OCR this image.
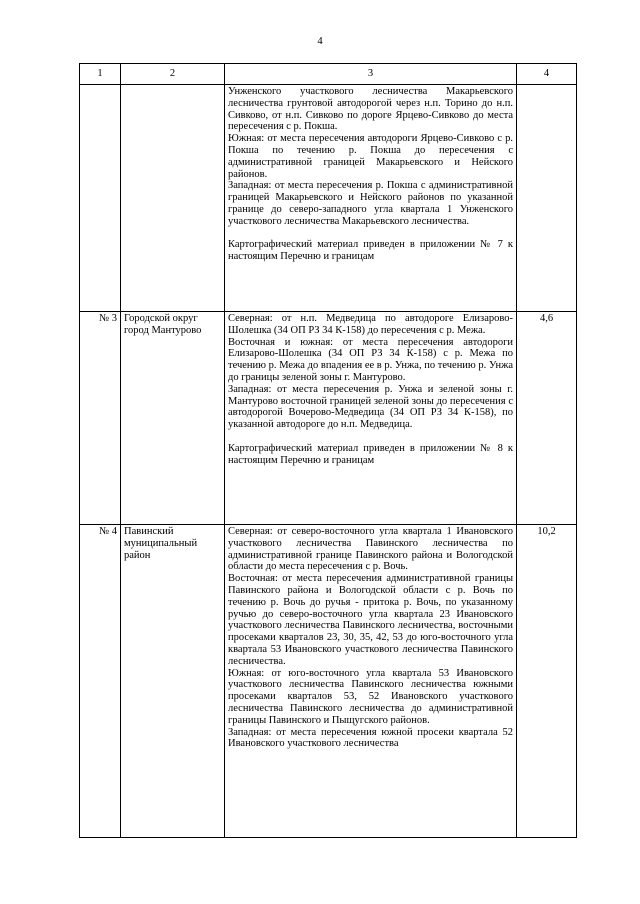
4
1	2	3	4

		Унженского участкового лесничества Макарьевского лесничества грунтовой автодорогой через н.п. Торино до н.п. Сивково, от н.п. Сивково по дороге Ярцево-Сивково до места пересечения с р. Покша.

Южная: от места пересечения автодороги Ярцево-Сивково с р. Покша по течению р. Покша до пересечения с административной границей Макарьевского и Нейского районов.

Западная: от места пересечения р. Покша с административной границей Макарьевского и Нейского районов по указанной границе до северо-западного угла квартала 1 Унженского участкового лесничества Макарьевского лесничества.

Картографический материал приведен в приложении № 7 к настоящим Перечню и границам	

№ 3	Городской округ город Мантурово	Северная: от н.п. Медведица по автодороге Елизарово-Шолешка (34 ОП РЗ 34 К-158) до пересечения с р. Межа.

Восточная и южная: от места пересечения автодороги Елизарово-Шолешка (34 ОП РЗ 34 К-158) с р. Межа по течению р. Межа до впадения ее в р. Унжа, по течению р. Унжа до границы зеленой зоны г. Мантурово.

Западная: от места пересечения р. Унжа и зеленой зоны г. Мантурово восточной границей зеленой зоны до пересечения с автодорогой Вочерово-Медведица (34 ОП РЗ 34 К-158), по указанной автодороге до н.п. Медведица.

Картографический материал приведен в приложении № 8 к настоящим Перечню и границам	4,6
№ 4	Павинский муниципальный район	Северная: от северо-восточного угла квартала 1 Ивановского участкового лесничества Павинского лесничества по административной границе Павинского района и Вологодской области до места пересечения с р. Вочь.

Восточная: от места пересечения административной границы Павинского района и Вологодской области с р. Вочь по течению р. Вочь до ручья - притока р. Вочь, по указанному ручью до северо-восточного угла квартала 23 Ивановского участкового лесничества Павинского лесничества, восточными просеками кварталов 23, 30, 35, 42, 53 до юго-восточного угла квартала 53 Ивановского участкового лесничества Павинского лесничества.

Южная: от юго-восточного угла квартала 53 Ивановского участкового лесничества Павинского лесничества южными просеками кварталов 53, 52 Ивановского участкового лесничества Павинского лесничества до административной границы Павинского и Пыщугского районов.

Западная: от места пересечения южной просеки квартала 52 Ивановского участкового лесничества	10,2
